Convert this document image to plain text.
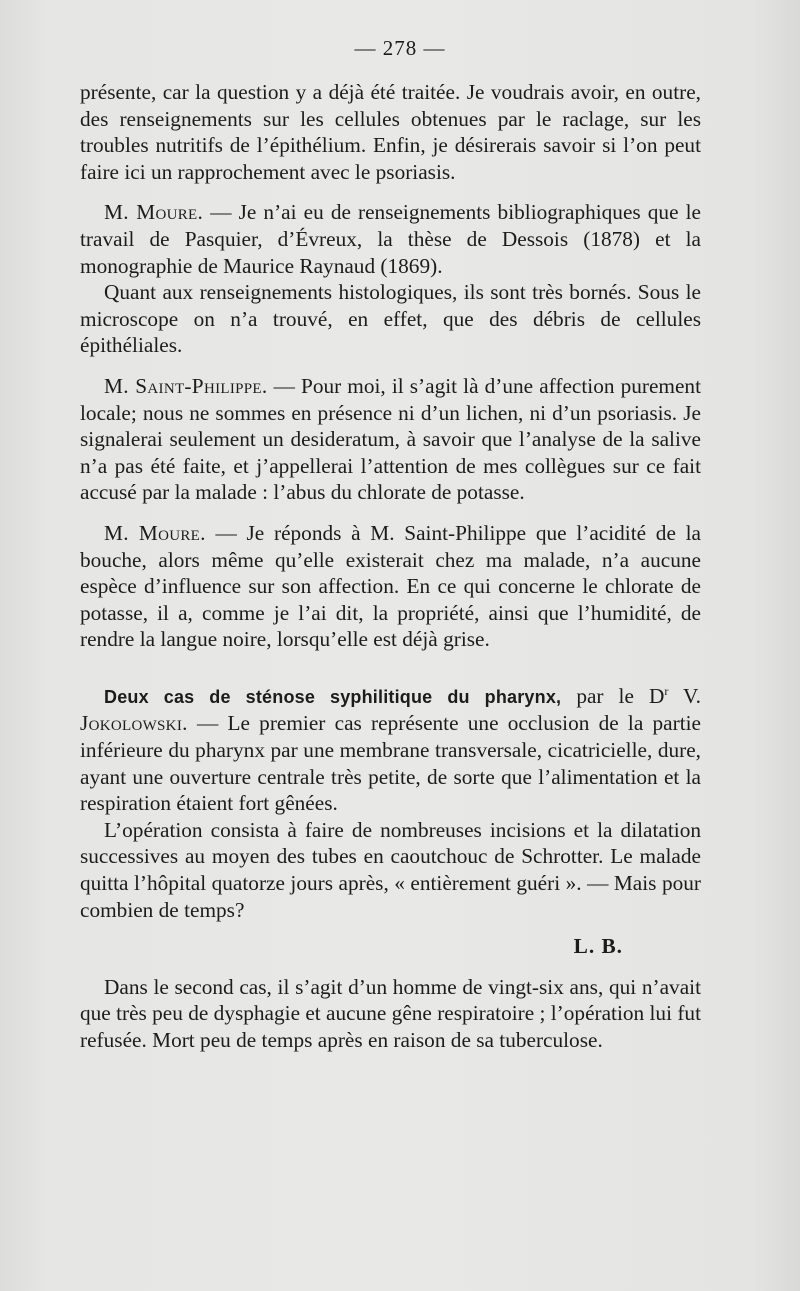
— 278 —

présente, car la question y a déjà été traitée. Je voudrais avoir, en outre, des renseignements sur les cellules obtenues par le raclage, sur les troubles nutritifs de l’épithélium. Enfin, je désirerais savoir si l’on peut faire ici un rapprochement avec le psoriasis.

M. Moure. — Je n’ai eu de renseignements bibliographiques que le travail de Pasquier, d’Évreux, la thèse de Dessois (1878) et la monographie de Maurice Raynaud (1869).

Quant aux renseignements histologiques, ils sont très bornés. Sous le microscope on n’a trouvé, en effet, que des débris de cellules épithéliales.

M. Saint-Philippe. — Pour moi, il s’agit là d’une affection purement locale; nous ne sommes en présence ni d’un lichen, ni d’un psoriasis. Je signalerai seulement un desideratum, à savoir que l’analyse de la salive n’a pas été faite, et j’appellerai l’attention de mes collègues sur ce fait accusé par la malade : l’abus du chlorate de potasse.

M. Moure. — Je réponds à M. Saint-Philippe que l’acidité de la bouche, alors même qu’elle existerait chez ma malade, n’a aucune espèce d’influence sur son affection. En ce qui concerne le chlorate de potasse, il a, comme je l’ai dit, la propriété, ainsi que l’humidité, de rendre la langue noire, lorsqu’elle est déjà grise.

Deux cas de sténose syphilitique du pharynx, par le $D^r$ V. Jokolowski. — Le premier cas représente une occlusion de la partie inférieure du pharynx par une membrane transversale, cicatricielle, dure, ayant une ouverture centrale très petite, de sorte que l’alimentation et la respiration étaient fort gênées.

L’opération consista à faire de nombreuses incisions et la dilatation successives au moyen des tubes en caoutchouc de Schrotter. Le malade quitta l’hôpital quatorze jours après, « entièrement guéri ». — Mais pour combien de temps?

L. B.

Dans le second cas, il s’agit d’un homme de vingt-six ans, qui n’avait que très peu de dysphagie et aucune gêne respiratoire ; l’opération lui fut refusée. Mort peu de temps après en raison de sa tuberculose.
